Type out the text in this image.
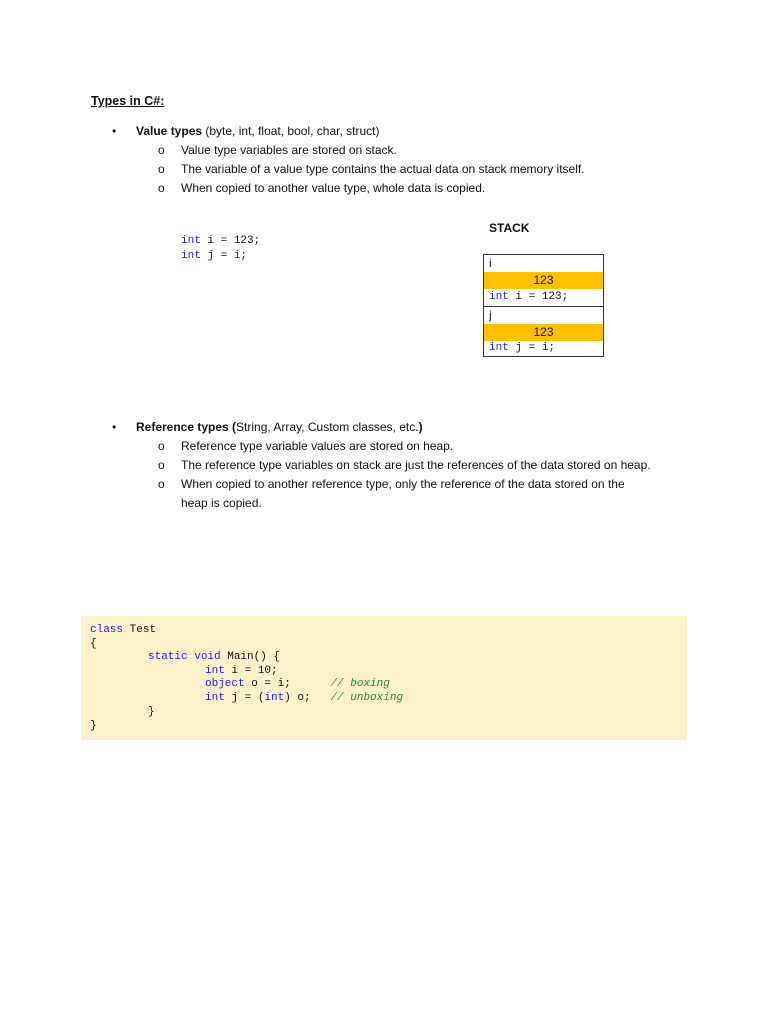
Types in C#:
• Value types (byte, int, float, bool, char, struct)
o Value type variables are stored on stack.
o The variable of a value type contains the actual data on stack memory itself.
o When copied to another value type, whole data is copied.
int i = 123;
int j = i;
STACK
i
123
int i = 123;
j
123
int j = i;
• Reference types (String, Array, Custom classes, etc.)
o Reference type variable values are stored on heap.
o The reference type variables on stack are just the references of the data stored on heap.
o When copied to another reference type, only the reference of the data stored on the
heap is copied.
class Test
{
static void Main() {
int i = 10;
object o = i;      // boxing
int j = (int) o;   // unboxing
}
}
